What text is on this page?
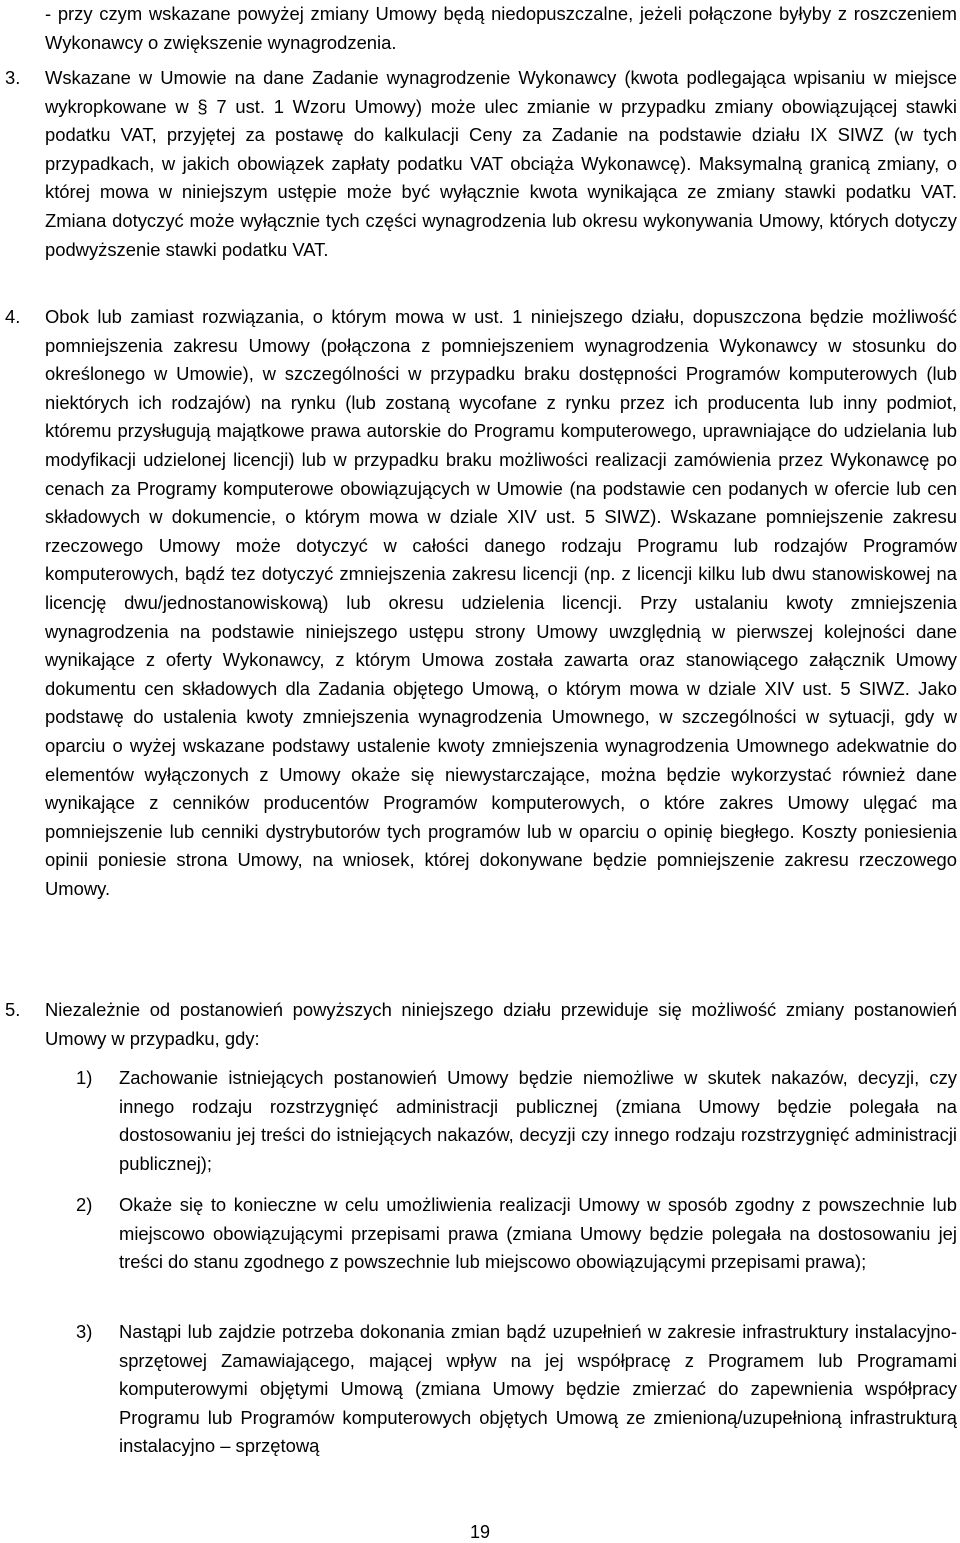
- przy czym wskazane powyżej zmiany Umowy będą niedopuszczalne, jeżeli połączone byłyby z roszczeniem Wykonawcy o zwiększenie wynagrodzenia.

3. Wskazane w Umowie na dane Zadanie wynagrodzenie Wykonawcy (kwota podlegająca wpisaniu w miejsce wykropkowane w § 7 ust. 1 Wzoru Umowy) może ulec zmianie w przypadku zmiany obowiązującej stawki podatku VAT, przyjętej za postawę do kalkulacji Ceny za Zadanie na podstawie działu IX SIWZ (w tych przypadkach, w jakich obowiązek zapłaty podatku VAT obciąża Wykonawcę). Maksymalną granicą zmiany, o której mowa w niniejszym ustępie może być wyłącznie kwota wynikająca ze zmiany stawki podatku VAT. Zmiana dotyczyć może wyłącznie tych części wynagrodzenia lub okresu wykonywania Umowy, których dotyczy podwyższenie stawki podatku VAT.

4. Obok lub zamiast rozwiązania, o którym mowa w ust. 1 niniejszego działu, dopuszczona będzie możliwość pomniejszenia zakresu Umowy (połączona z pomniejszeniem wynagrodzenia Wykonawcy w stosunku do określonego w Umowie), w szczególności w przypadku braku dostępności Programów komputerowych (lub niektórych ich rodzajów) na rynku (lub zostaną wycofane z rynku przez ich producenta lub inny podmiot, któremu przysługują majątkowe prawa autorskie do Programu komputerowego, uprawniające do udzielania lub modyfikacji udzielonej licencji) lub w przypadku braku możliwości realizacji zamówienia przez Wykonawcę po cenach za Programy komputerowe obowiązujących w Umowie (na podstawie cen podanych w ofercie lub cen składowych w dokumencie, o którym mowa w dziale XIV ust. 5 SIWZ). Wskazane pomniejszenie zakresu rzeczowego Umowy może dotyczyć w całości danego rodzaju Programu lub rodzajów Programów komputerowych, bądź tez dotyczyć zmniejszenia zakresu licencji (np. z licencji kilku lub dwu stanowiskowej na licencję dwu/jednostanowiskową) lub okresu udzielenia licencji. Przy ustalaniu kwoty zmniejszenia wynagrodzenia na podstawie niniejszego ustępu strony Umowy uwzględnią w pierwszej kolejności dane wynikające z oferty Wykonawcy, z którym Umowa została zawarta oraz stanowiącego załącznik Umowy dokumentu cen składowych dla Zadania objętego Umową, o którym mowa w dziale XIV ust. 5 SIWZ. Jako podstawę do ustalenia kwoty zmniejszenia wynagrodzenia Umownego, w szczególności w sytuacji, gdy w oparciu o wyżej wskazane podstawy ustalenie kwoty zmniejszenia wynagrodzenia Umownego adekwatnie do elementów wyłączonych z Umowy okaże się niewystarczające, można będzie wykorzystać również dane wynikające z cenników producentów Programów komputerowych, o które zakres Umowy ulęgać ma pomniejszenie lub cenniki dystrybutorów tych programów lub w oparciu o opinię biegłego. Koszty poniesienia opinii poniesie strona Umowy, na wniosek, której dokonywane będzie pomniejszenie zakresu rzeczowego Umowy.

5. Niezależnie od postanowień powyższych niniejszego działu przewiduje się możliwość zmiany postanowień Umowy w przypadku, gdy:

1) Zachowanie istniejących postanowień Umowy będzie niemożliwe w skutek nakazów, decyzji, czy innego rodzaju rozstrzygnięć administracji publicznej (zmiana Umowy będzie polegała na dostosowaniu jej treści do istniejących nakazów, decyzji czy innego rodzaju rozstrzygnięć administracji publicznej);

2) Okaże się to konieczne w celu umożliwienia realizacji Umowy w sposób zgodny z powszechnie lub miejscowo obowiązującymi przepisami prawa (zmiana Umowy będzie polegała na dostosowaniu jej treści do stanu zgodnego z powszechnie lub miejscowo obowiązującymi przepisami prawa);

3) Nastąpi lub zajdzie potrzeba dokonania zmian bądź uzupełnień w zakresie infrastruktury instalacyjno-sprzętowej Zamawiającego, mającej wpływ na jej współpracę z Programem lub Programami komputerowymi objętymi Umową (zmiana Umowy będzie zmierzać do zapewnienia współpracy Programu lub Programów komputerowych objętych Umową ze zmienioną/uzupełnioną infrastrukturą instalacyjno – sprzętową

19
